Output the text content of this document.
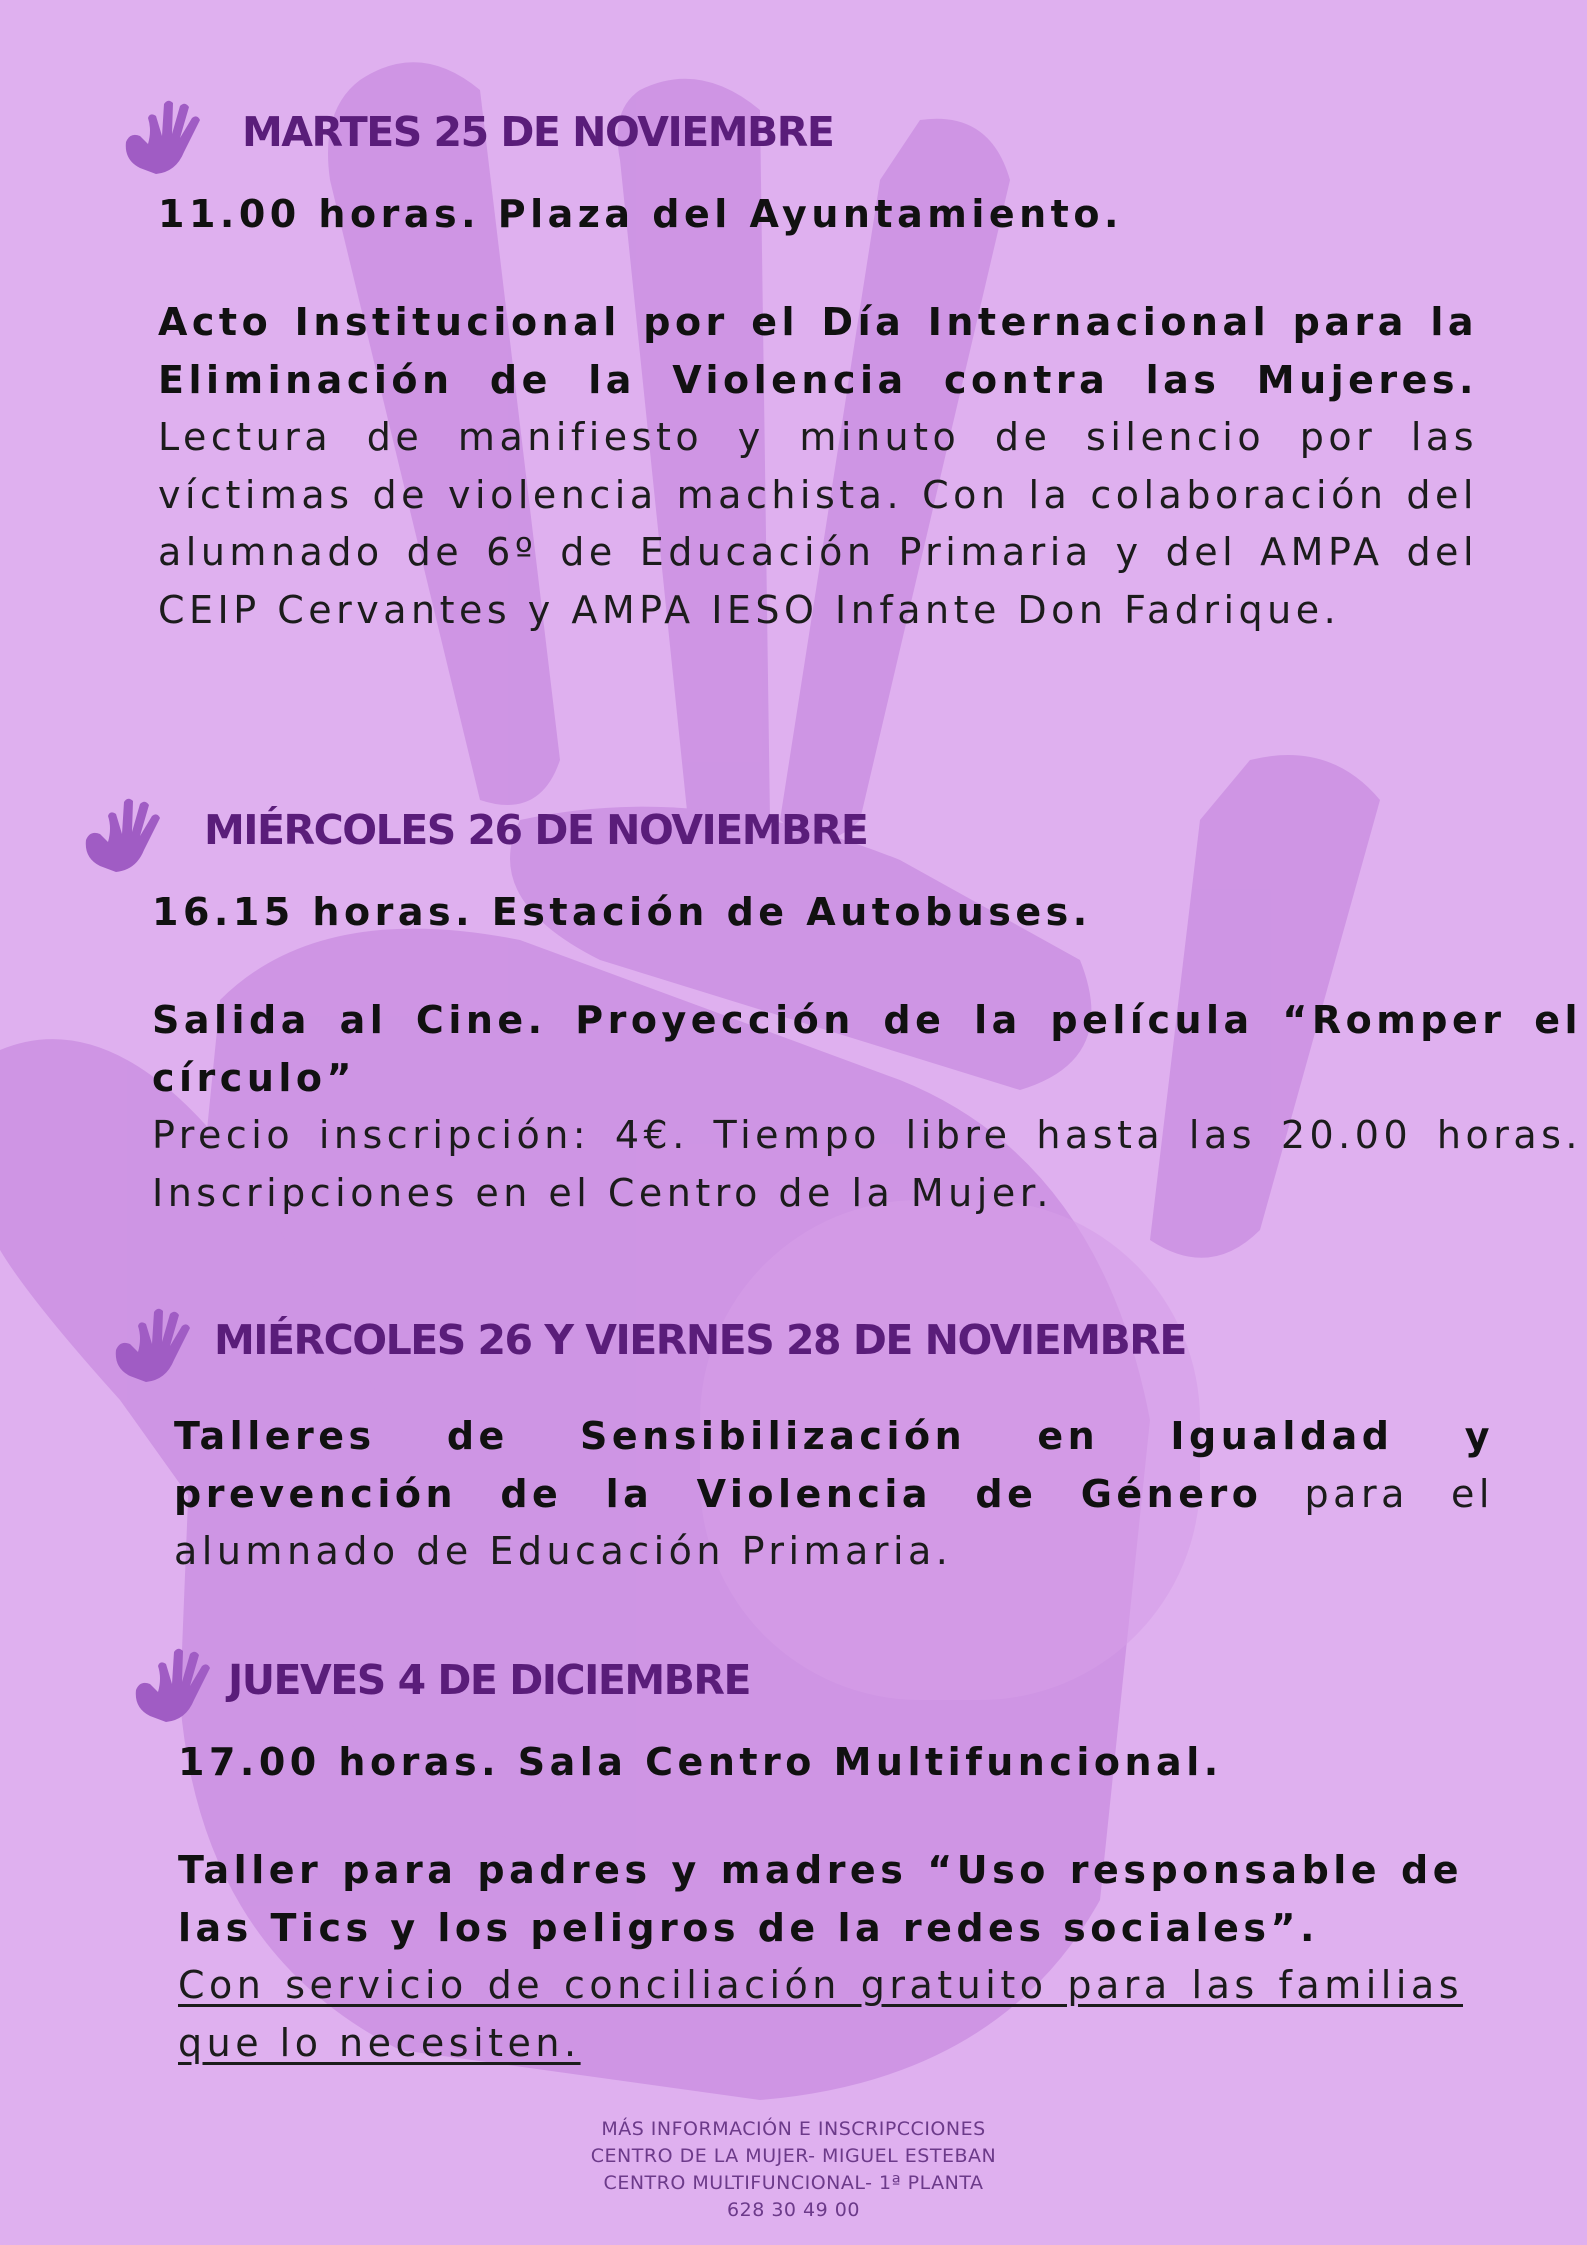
MARTES 25 DE NOVIEMBRE
11.00 horas. Plaza del Ayuntamiento.
Acto Institucional por el Día Internacional para la Eliminación de la Violencia contra las Mujeres. Lectura de manifiesto y minuto de silencio por las víctimas de violencia machista. Con la colaboración del alumnado de 6º de Educación Primaria y del AMPA del CEIP Cervantes y AMPA IESO Infante Don Fadrique.
MIÉRCOLES 26 DE NOVIEMBRE
16.15 horas. Estación de Autobuses.
Salida al Cine. Proyección de la película “Romper el círculo”
Precio inscripción: 4€. Tiempo libre hasta las 20.00 horas. Inscripciones en el Centro de la Mujer.
MIÉRCOLES 26 Y VIERNES 28 DE NOVIEMBRE
Talleres de Sensibilización en Igualdad y prevención de la Violencia de Género para el alumnado de Educación Primaria.
JUEVES 4 DE DICIEMBRE
17.00 horas. Sala Centro Multifuncional.
Taller para padres y madres “Uso responsable de las Tics y los peligros de la redes sociales”.
Con servicio de conciliación gratuito para las familias que lo necesiten.
MÁS INFORMACIÓN E INSCRIPCCIONES
CENTRO DE LA MUJER- MIGUEL ESTEBAN
CENTRO MULTIFUNCIONAL- 1ª PLANTA
628 30 49 00
